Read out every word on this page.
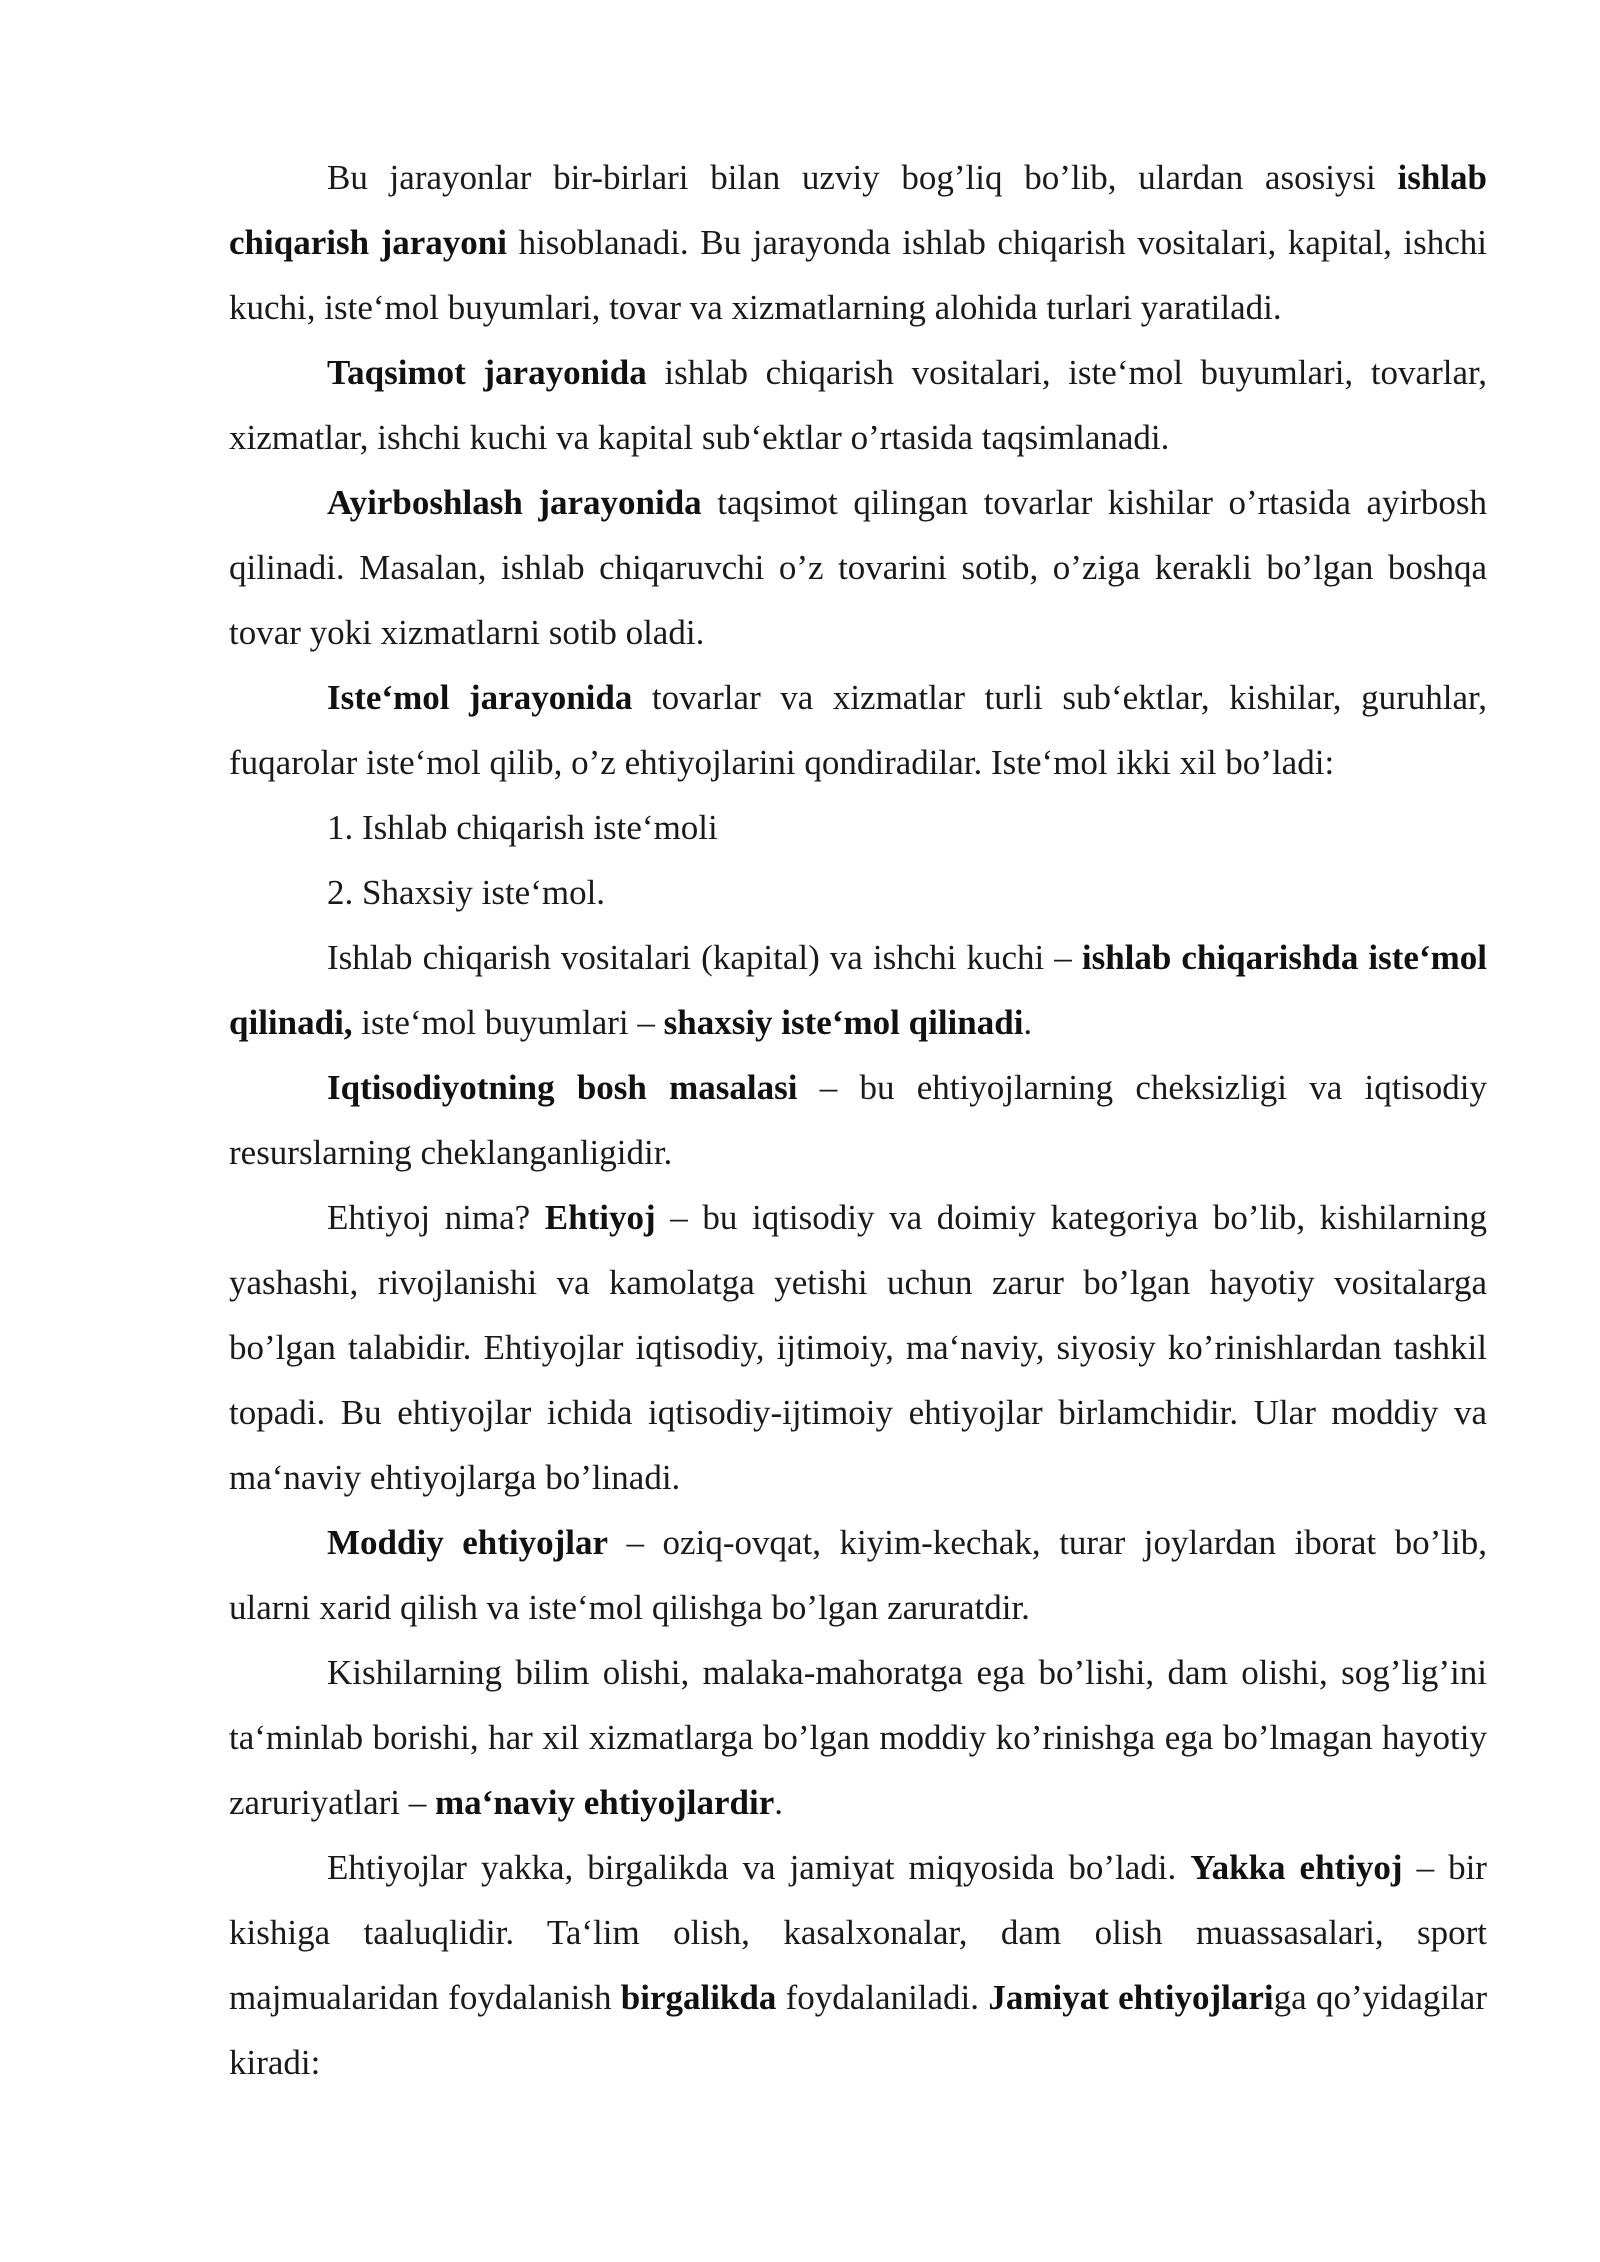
Bu jarayonlar bir-birlari bilan uzviy bog’liq bo’lib, ulardan asosiysi ishlab chiqarish jarayoni hisoblanadi. Bu jarayonda ishlab chiqarish vositalari, kapital, ishchi kuchi, iste‘mol buyumlari, tovar va xizmatlarning alohida turlari yaratiladi.

Taqsimot jarayonida ishlab chiqarish vositalari, iste‘mol buyumlari, tovarlar, xizmatlar, ishchi kuchi va kapital sub‘ektlar o’rtasida taqsimlanadi.

Ayirboshlash jarayonida taqsimot qilingan tovarlar kishilar o’rtasida ayirbosh qilinadi. Masalan, ishlab chiqaruvchi o’z tovarini sotib, o’ziga kerakli bo’lgan boshqa tovar yoki xizmatlarni sotib oladi.

Iste‘mol jarayonida tovarlar va xizmatlar turli sub‘ektlar, kishilar, guruhlar, fuqarolar iste‘mol qilib, o’z ehtiyojlarini qondiradilar. Iste‘mol ikki xil bo’ladi:

1. Ishlab chiqarish iste‘moli

2. Shaxsiy iste‘mol.

Ishlab chiqarish vositalari (kapital) va ishchi kuchi – ishlab chiqarishda iste‘mol qilinadi, iste‘mol buyumlari – shaxsiy iste‘mol qilinadi.

Iqtisodiyotning bosh masalasi – bu ehtiyojlarning cheksizligi va iqtisodiy resurslarning cheklanganligidir.

Ehtiyoj nima? Ehtiyoj – bu iqtisodiy va doimiy kategoriya bo’lib, kishilarning yashashi, rivojlanishi va kamolatga yetishi uchun zarur bo’lgan hayotiy vositalarga bo’lgan talabidir. Ehtiyojlar iqtisodiy, ijtimoiy, ma‘naviy, siyosiy ko’rinishlardan tashkil topadi. Bu ehtiyojlar ichida iqtisodiy-ijtimoiy ehtiyojlar birlamchidir. Ular moddiy va ma‘naviy ehtiyojlarga bo’linadi.

Moddiy ehtiyojlar – oziq-ovqat, kiyim-kechak, turar joylardan iborat bo’lib, ularni xarid qilish va iste‘mol qilishga bo’lgan zaruratdir.

Kishilarning bilim olishi, malaka-mahoratga ega bo’lishi, dam olishi, sog’lig’ini ta‘minlab borishi, har xil xizmatlarga bo’lgan moddiy ko’rinishga ega bo’lmagan hayotiy zaruriyatlari – ma‘naviy ehtiyojlardir.

Ehtiyojlar yakka, birgalikda va jamiyat miqyosida bo’ladi. Yakka ehtiyoj – bir kishiga taaluqlidir. Ta‘lim olish, kasalxonalar, dam olish muassasalari, sport majmualaridan foydalanish birgalikda foydalaniladi. Jamiyat ehtiyojlariga qo’yidagilar kiradi:
